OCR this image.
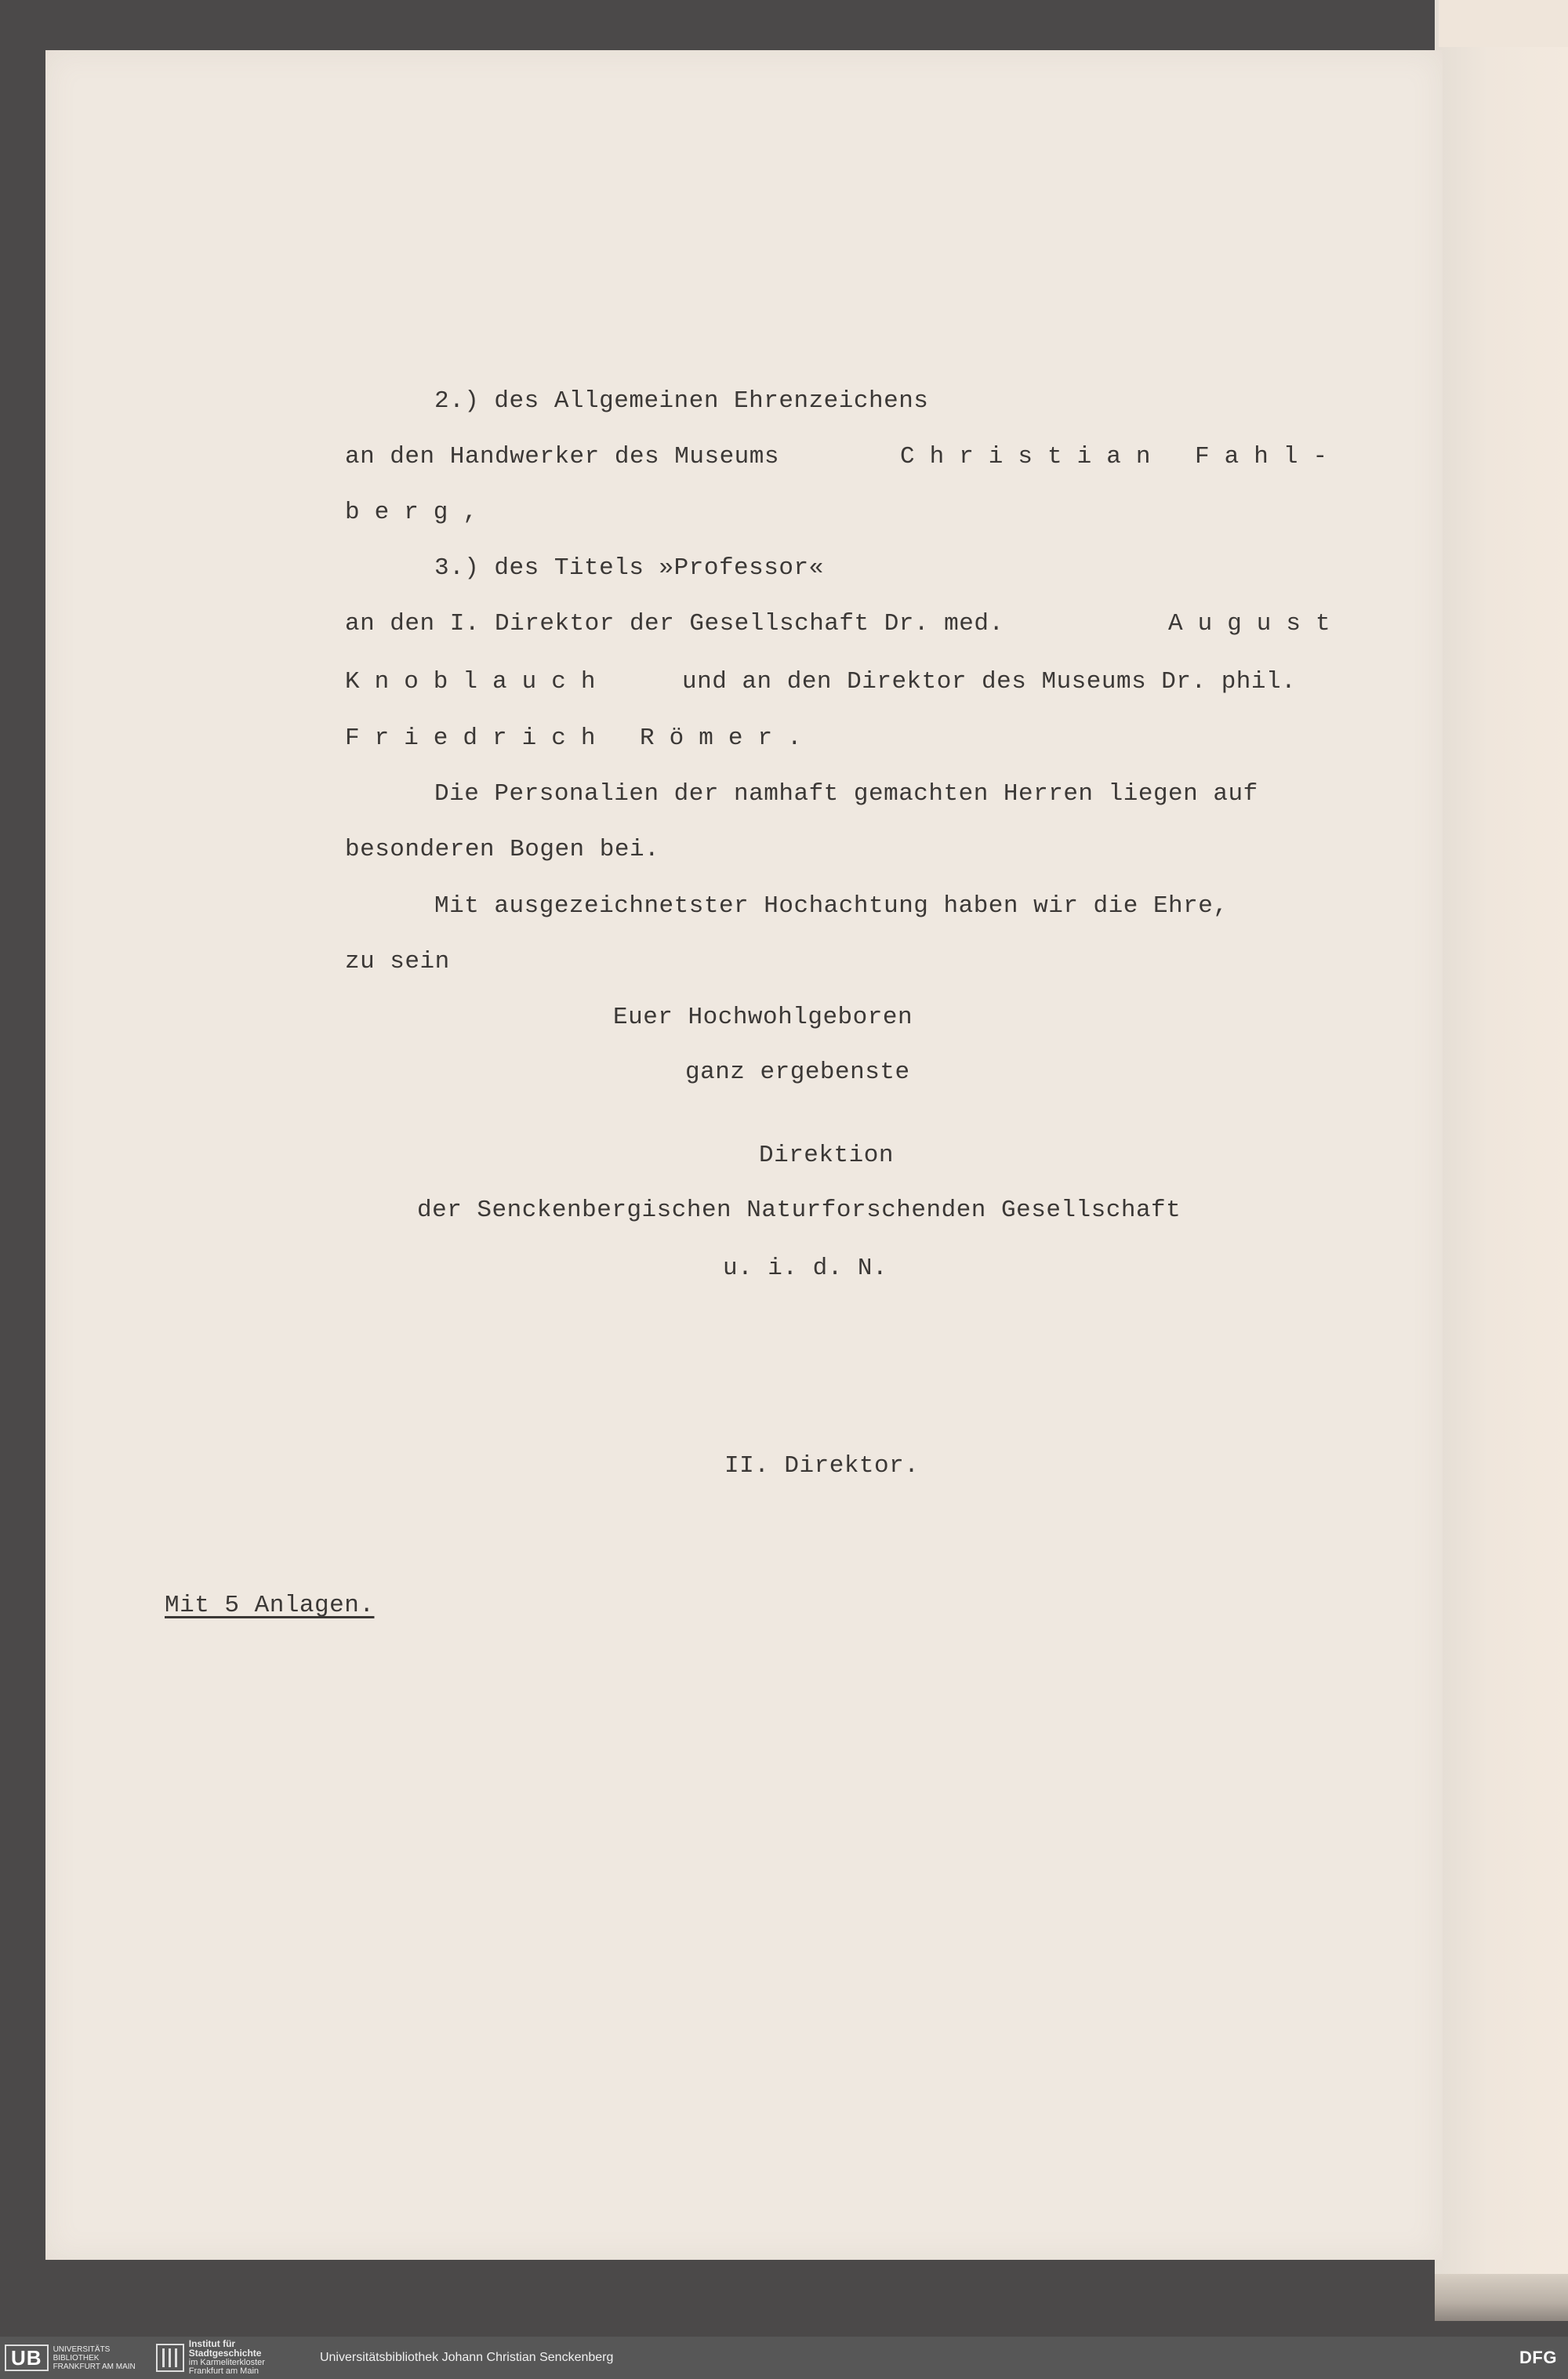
2.) des Allgemeinen Ehrenzeichens
an den Handwerker des Museums	Christian Fahl-
berg,
3.) des Titels »Professor«
an den I. Direktor der Gesellschaft Dr. med.	August
Knoblauch	und an den Direktor des Museums Dr. phil.
Friedrich Römer.
Die Personalien der namhaft gemachten Herren liegen auf
besonderen Bogen bei.
Mit ausgezeichnetster Hochachtung haben wir die Ehre,
zu sein
Euer Hochwohlgeboren
ganz ergebenste
Direktion
der Senckenbergischen Naturforschenden Gesellschaft
u. i. d. N.
II. Direktor.
Mit 5 Anlagen.
UB	UNIVERSITÄTS
BIBLIOTHEK
FRANKFURT AM MAIN
Institut für
Stadtgeschichte
im Karmeliterkloster
Frankfurt am Main
Universitätsbibliothek Johann Christian Senckenberg	DFG
